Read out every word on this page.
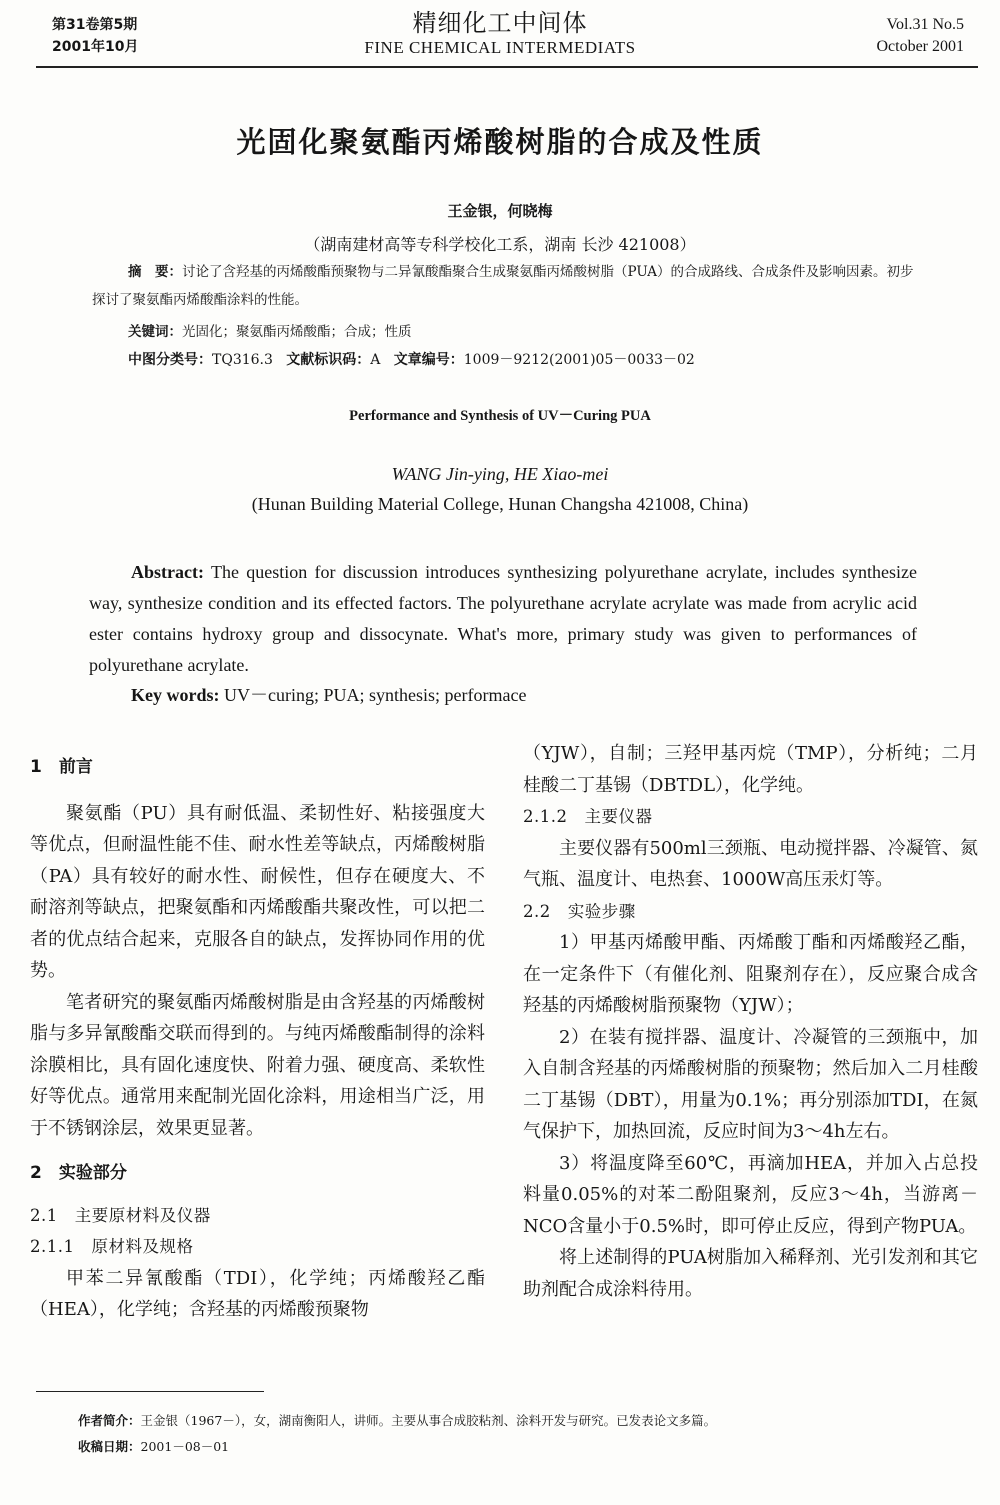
第31卷第5期
2001年10月
精细化工中间体
FINE CHEMICAL INTERMEDIATS
Vol.31 No.5
October 2001
光固化聚氨酯丙烯酸树脂的合成及性质
王金银，何晓梅
（湖南建材高等专科学校化工系，湖南 长沙 421008）
摘　要：讨论了含羟基的丙烯酸酯预聚物与二异氰酸酯聚合生成聚氨酯丙烯酸树脂（PUA）的合成路线、合成条件及影响因素。初步探讨了聚氨酯丙烯酸酯涂料的性能。
关键词：光固化；聚氨酯丙烯酸酯；合成；性质
中图分类号：TQ316.3 文献标识码：A 文章编号：1009－9212(2001)05－0033－02
Performance and Synthesis of UV－Curing PUA
WANG Jin-ying, HE Xiao-mei
(Hunan Building Material College, Hunan Changsha 421008, China)
Abstract: The question for discussion introduces synthesizing polyurethane acrylate, includes synthesize way, synthesize condition and its effected factors. The polyurethane acrylate acrylate was made from acrylic acid ester contains hydroxy group and dissocynate. What's more, primary study was given to performances of polyurethane acrylate.
Key words: UV－curing; PUA; synthesis; performace

1　前言

聚氨酯（PU）具有耐低温、柔韧性好、粘接强度大等优点，但耐温性能不佳、耐水性差等缺点，丙烯酸树脂（PA）具有较好的耐水性、耐候性，但存在硬度大、不耐溶剂等缺点，把聚氨酯和丙烯酸酯共聚改性，可以把二者的优点结合起来，克服各自的缺点，发挥协同作用的优势。

笔者研究的聚氨酯丙烯酸树脂是由含羟基的丙烯酸树脂与多异氰酸酯交联而得到的。与纯丙烯酸酯制得的涂料涂膜相比，具有固化速度快、附着力强、硬度高、柔软性好等优点。通常用来配制光固化涂料，用途相当广泛，用于不锈钢涂层，效果更显著。

2　实验部分

2.1　主要原材料及仪器

2.1.1　原材料及规格

甲苯二异氰酸酯（TDI），化学纯；丙烯酸羟乙酯（HEA），化学纯；含羟基的丙烯酸预聚物

（YJW），自制；三羟甲基丙烷（TMP），分析纯；二月桂酸二丁基锡（DBTDL），化学纯。

2.1.2　主要仪器

主要仪器有500ml三颈瓶、电动搅拌器、冷凝管、氮气瓶、温度计、电热套、1000W高压汞灯等。

2.2　实验步骤

1）甲基丙烯酸甲酯、丙烯酸丁酯和丙烯酸羟乙酯，在一定条件下（有催化剂、阻聚剂存在），反应聚合成含羟基的丙烯酸树脂预聚物（YJW）；

2）在装有搅拌器、温度计、冷凝管的三颈瓶中，加入自制含羟基的丙烯酸树脂的预聚物；然后加入二月桂酸二丁基锡（DBT），用量为0.1%；再分别添加TDI，在氮气保护下，加热回流，反应时间为3～4h左右。

3）将温度降至60℃，再滴加HEA，并加入占总投料量0.05%的对苯二酚阻聚剂，反应3～4h，当游离－NCO含量小于0.5%时，即可停止反应，得到产物PUA。

将上述制得的PUA树脂加入稀释剂、光引发剂和其它助剂配合成涂料待用。

作者简介：王金银（1967－），女，湖南衡阳人，讲师。主要从事合成胶粘剂、涂料开发与研究。已发表论文多篇。
收稿日期：2001－08－01
